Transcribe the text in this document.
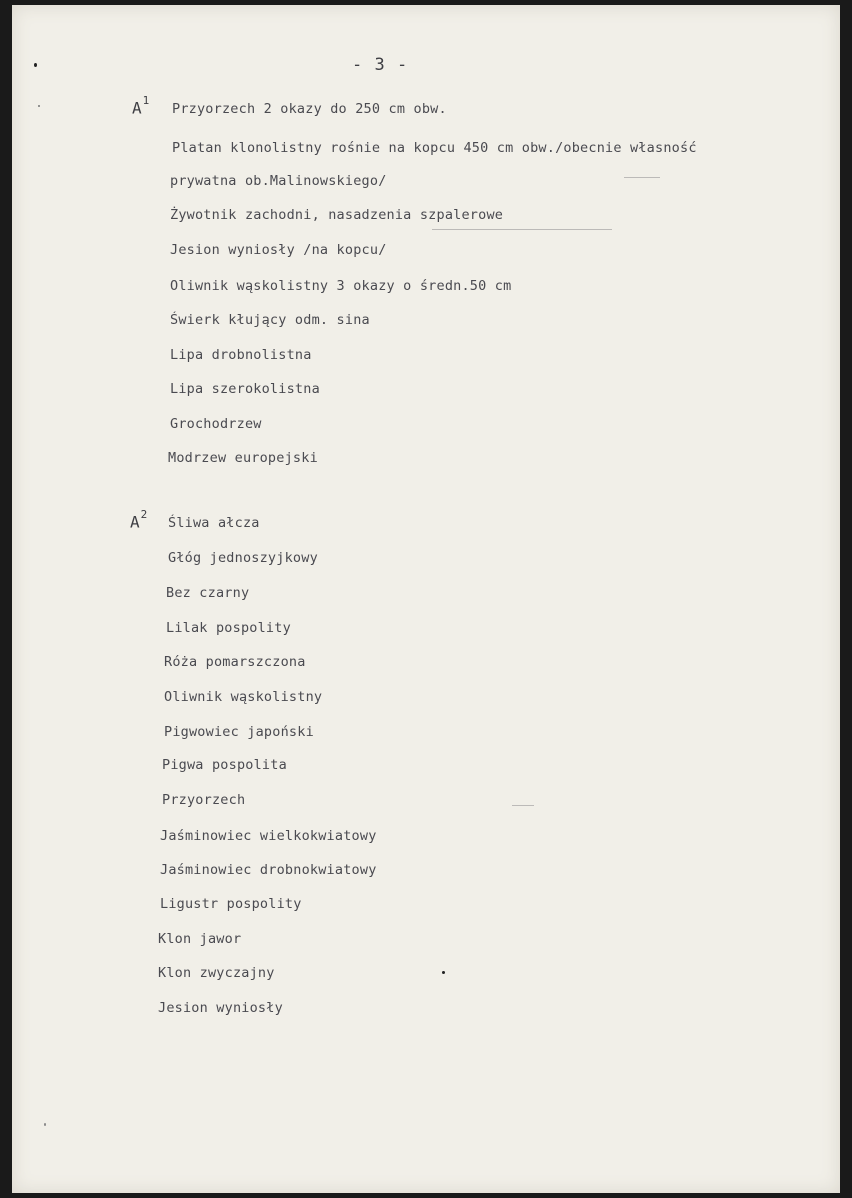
- 3 -
$A^1$
Przyorzech 2 okazy do 250 cm obw.
Platan klonolistny rośnie na kopcu 450 cm obw./obecnie własność
prywatna ob.Malinowskiego/
Żywotnik zachodni, nasadzenia szpalerowe
Jesion wyniosły /na kopcu/
Oliwnik wąskolistny 3 okazy o średn.50 cm
Świerk kłujący odm. sina
Lipa drobnolistna
Lipa szerokolistna
Grochodrzew
Modrzew europejski
$A^2$
Śliwa ałcza
Głóg jednoszyjkowy
Bez czarny
Lilak pospolity
Róża pomarszczona
Oliwnik wąskolistny
Pigwowiec japoński
Pigwa pospolita
Przyorzech
Jaśminowiec wielkokwiatowy
Jaśminowiec drobnokwiatowy
Ligustr pospolity
Klon jawor
Klon zwyczajny
Jesion wyniosły
